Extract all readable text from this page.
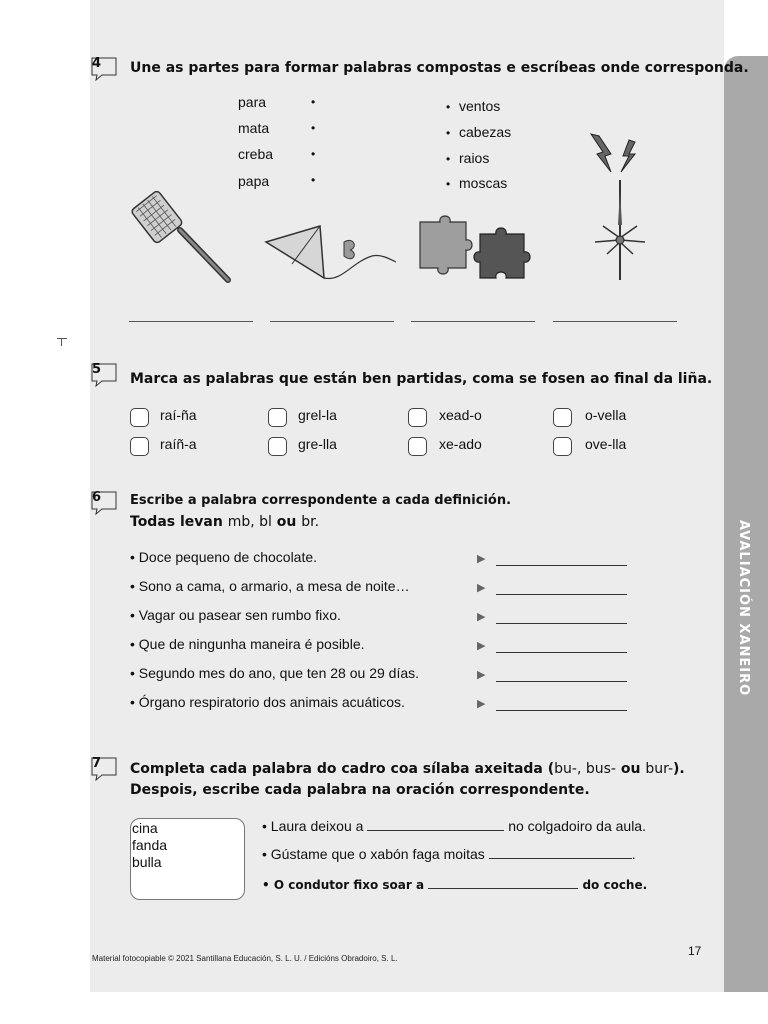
AVALIACIÓN XANEIRO
4 Une as partes para formar palabras compostas e escríbeas onde corresponda.
para
mata
creba
papa
•
•
•
•
•
•
•
•
ventos
cabezas
raios
moscas
5
Marca as palabras que están ben partidas, coma se fosen ao final da liña.
raí-ña
raíñ-a
grel-la
gre-lla
xead-o
xe-ado
o-vella
ove-lla
6 Escribe a palabra correspondente a cada definición.
Todas levan mb, bl ou br.
• Doce pequeno de chocolate.	▶
• Sono a cama, o armario, a mesa de noite…	▶
• Vagar ou pasear sen rumbo fixo.	▶
• Que de ningunha maneira é posible.	▶
• Segundo mes do ano, que ten 28 ou 29 días.	▶
• Órgano respiratorio dos animais acuáticos.	▶
7 Completa cada palabra do cadro coa sílaba axeitada (bu-, bus- ou bur-).
Despois, escribe cada palabra na oración correspondente.
cina
fanda
bulla
• Laura deixou a	no colgadoiro da aula.
• Gústame que o xabón faga moitas	.
• O condutor fixo soar a	do coche.
Material fotocopiable © 2021 Santillana Educación, S. L. U. / Edicións Obradoiro, S. L.
17
